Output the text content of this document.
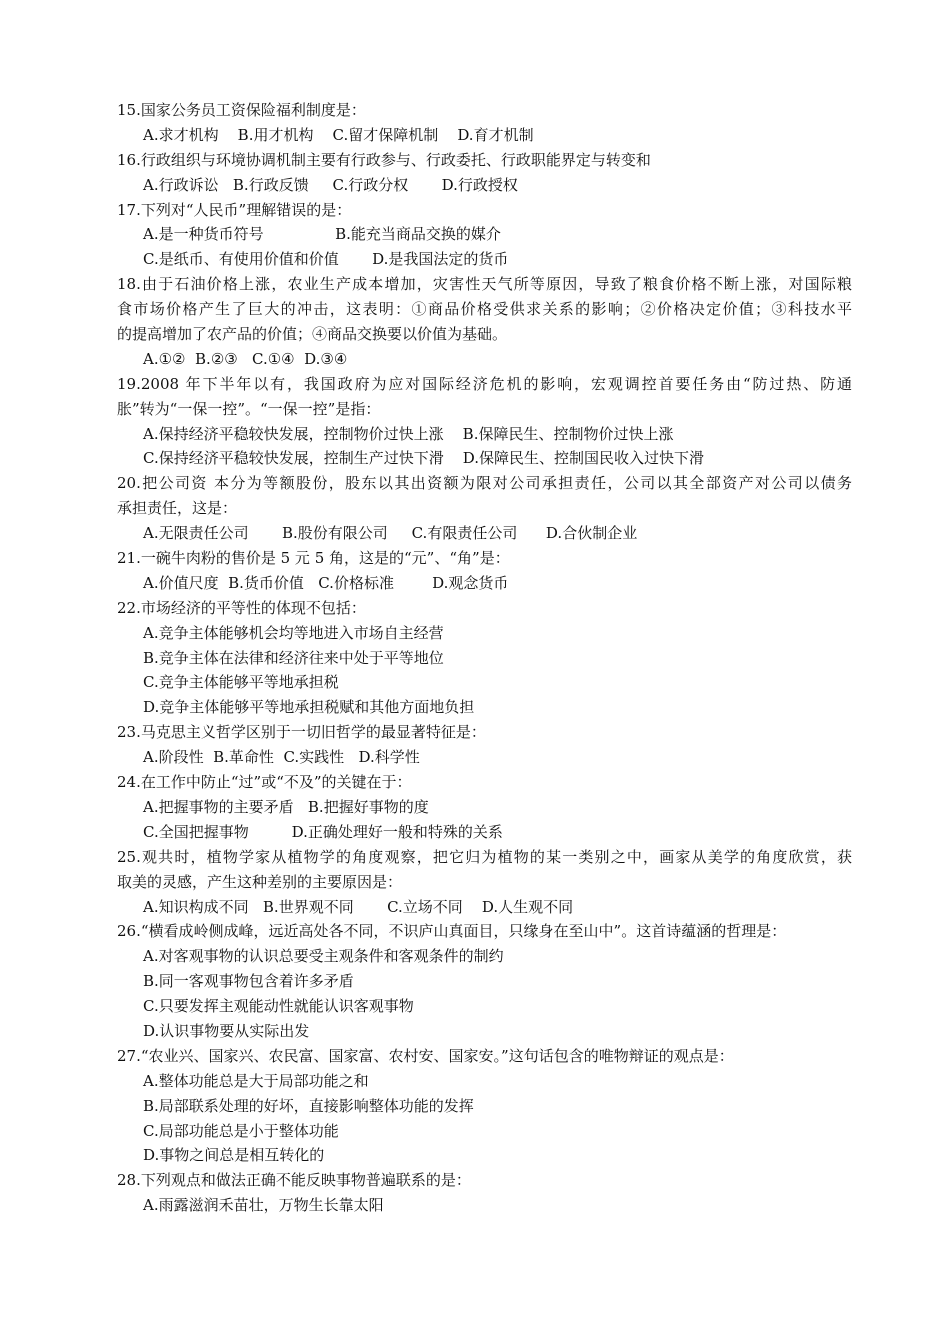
15.国家公务员工资保险福利制度是：
A.求才机构    B.用才机构    C.留才保障机制    D.育才机制
16.行政组织与环境协调机制主要有行政参与、行政委托、行政职能界定与转变和
A.行政诉讼   B.行政反馈     C.行政分权       D.行政授权
17.下列对“人民币”理解错误的是：
A.是一种货币符号               B.能充当商品交换的媒介
C.是纸币、有使用价值和价值       D.是我国法定的货币
18.由于石油价格上涨，农业生产成本增加，灾害性天气所等原因，导致了粮食价格不断上涨，对国际粮
食市场价格产生了巨大的冲击，这表明：①商品价格受供求关系的影响；②价格决定价值；③科技水平
的提高增加了农产品的价值；④商品交换要以价值为基础。
A.①②  B.②③   C.①④  D.③④
19.2008 年下半年以有，我国政府为应对国际经济危机的影响，宏观调控首要任务由“防过热、防通
胀”转为“一保一控”。“一保一控”是指：
A.保持经济平稳较快发展，控制物价过快上涨    B.保障民生、控制物价过快上涨
C.保持经济平稳较快发展，控制生产过快下滑    D.保障民生、控制国民收入过快下滑
20.把公司资 本分为等额股份，股东以其出资额为限对公司承担责任，公司以其全部资产对公司以债务
承担责任，这是：
A.无限责任公司       B.股份有限公司     C.有限责任公司      D.合伙制企业
21.一碗牛肉粉的售价是 5 元 5 角，这是的“元”、“角”是：
A.价值尺度  B.货币价值   C.价格标准        D.观念货币
22.市场经济的平等性的体现不包括：
A.竞争主体能够机会均等地进入市场自主经营
B.竞争主体在法律和经济往来中处于平等地位
C.竞争主体能够平等地承担税
D.竞争主体能够平等地承担税赋和其他方面地负担
23.马克思主义哲学区别于一切旧哲学的最显著特征是：
A.阶段性  B.革命性  C.实践性   D.科学性
24.在工作中防止“过”或“不及”的关键在于：
A.把握事物的主要矛盾   B.把握好事物的度
C.全国把握事物         D.正确处理好一般和特殊的关系
25.观共时，植物学家从植物学的角度观察，把它归为植物的某一类别之中，画家从美学的角度欣赏，获
取美的灵感，产生这种差别的主要原因是：
A.知识构成不同   B.世界观不同       C.立场不同    D.人生观不同
26.“横看成岭侧成峰，远近高处各不同，不识庐山真面目，只缘身在至山中”。这首诗蕴涵的哲理是：
A.对客观事物的认识总要受主观条件和客观条件的制约
B.同一客观事物包含着许多矛盾
C.只要发挥主观能动性就能认识客观事物
D.认识事物要从实际出发
27.“农业兴、国家兴、农民富、国家富、农村安、国家安。”这句话包含的唯物辩证的观点是：
A.整体功能总是大于局部功能之和
B.局部联系处理的好坏，直接影响整体功能的发挥
C.局部功能总是小于整体功能
D.事物之间总是相互转化的
28.下列观点和做法正确不能反映事物普遍联系的是：
A.雨露滋润禾苗壮，万物生长靠太阳
